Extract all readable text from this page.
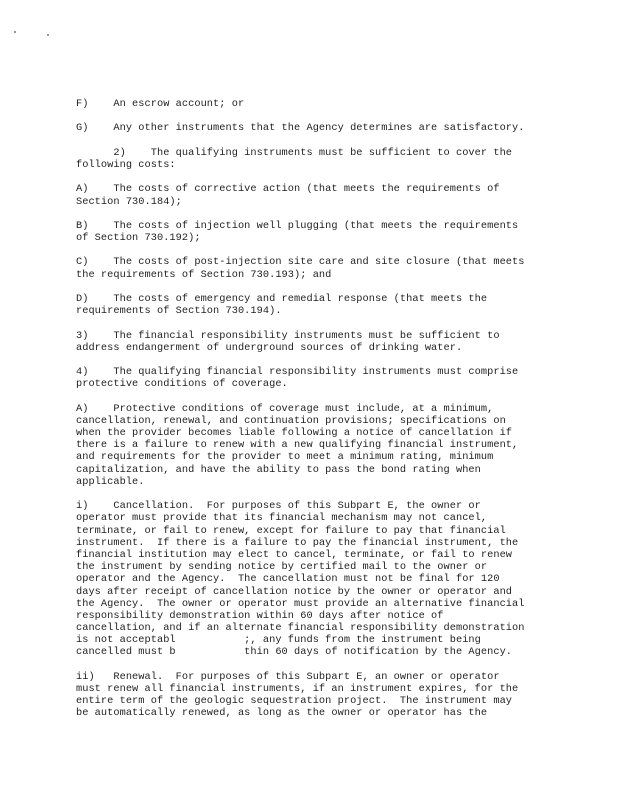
F)    An escrow account; or
G)    Any other instruments that the Agency determines are satisfactory.
2)    The qualifying instruments must be sufficient to cover the
following costs:
A)    The costs of corrective action (that meets the requirements of
Section 730.184);
B)    The costs of injection well plugging (that meets the requirements
of Section 730.192);
C)    The costs of post-injection site care and site closure (that meets
the requirements of Section 730.193); and
D)    The costs of emergency and remedial response (that meets the
requirements of Section 730.194).
3)    The financial responsibility instruments must be sufficient to
address endangerment of underground sources of drinking water.
4)    The qualifying financial responsibility instruments must comprise
protective conditions of coverage.
A)    Protective conditions of coverage must include, at a minimum,
cancellation, renewal, and continuation provisions; specifications on
when the provider becomes liable following a notice of cancellation if
there is a failure to renew with a new qualifying financial instrument,
and requirements for the provider to meet a minimum rating, minimum
capitalization, and have the ability to pass the bond rating when
applicable.
i)    Cancellation.  For purposes of this Subpart E, the owner or
operator must provide that its financial mechanism may not cancel,
terminate, or fail to renew, except for failure to pay that financial
instrument.  If there is a failure to pay the financial instrument, the
financial institution may elect to cancel, terminate, or fail to renew
the instrument by sending notice by certified mail to the owner or
operator and the Agency.  The cancellation must not be final for 120
days after receipt of cancellation notice by the owner or operator and
the Agency.  The owner or operator must provide an alternative financial
responsibility demonstration within 60 days after notice of
cancellation, and if an alternate financial responsibility demonstration
is not acceptabl           ;, any funds from the instrument being
cancelled must b           thin 60 days of notification by the Agency.
ii)   Renewal.  For purposes of this Subpart E, an owner or operator
must renew all financial instruments, if an instrument expires, for the
entire term of the geologic sequestration project.  The instrument may
be automatically renewed, as long as the owner or operator has the
